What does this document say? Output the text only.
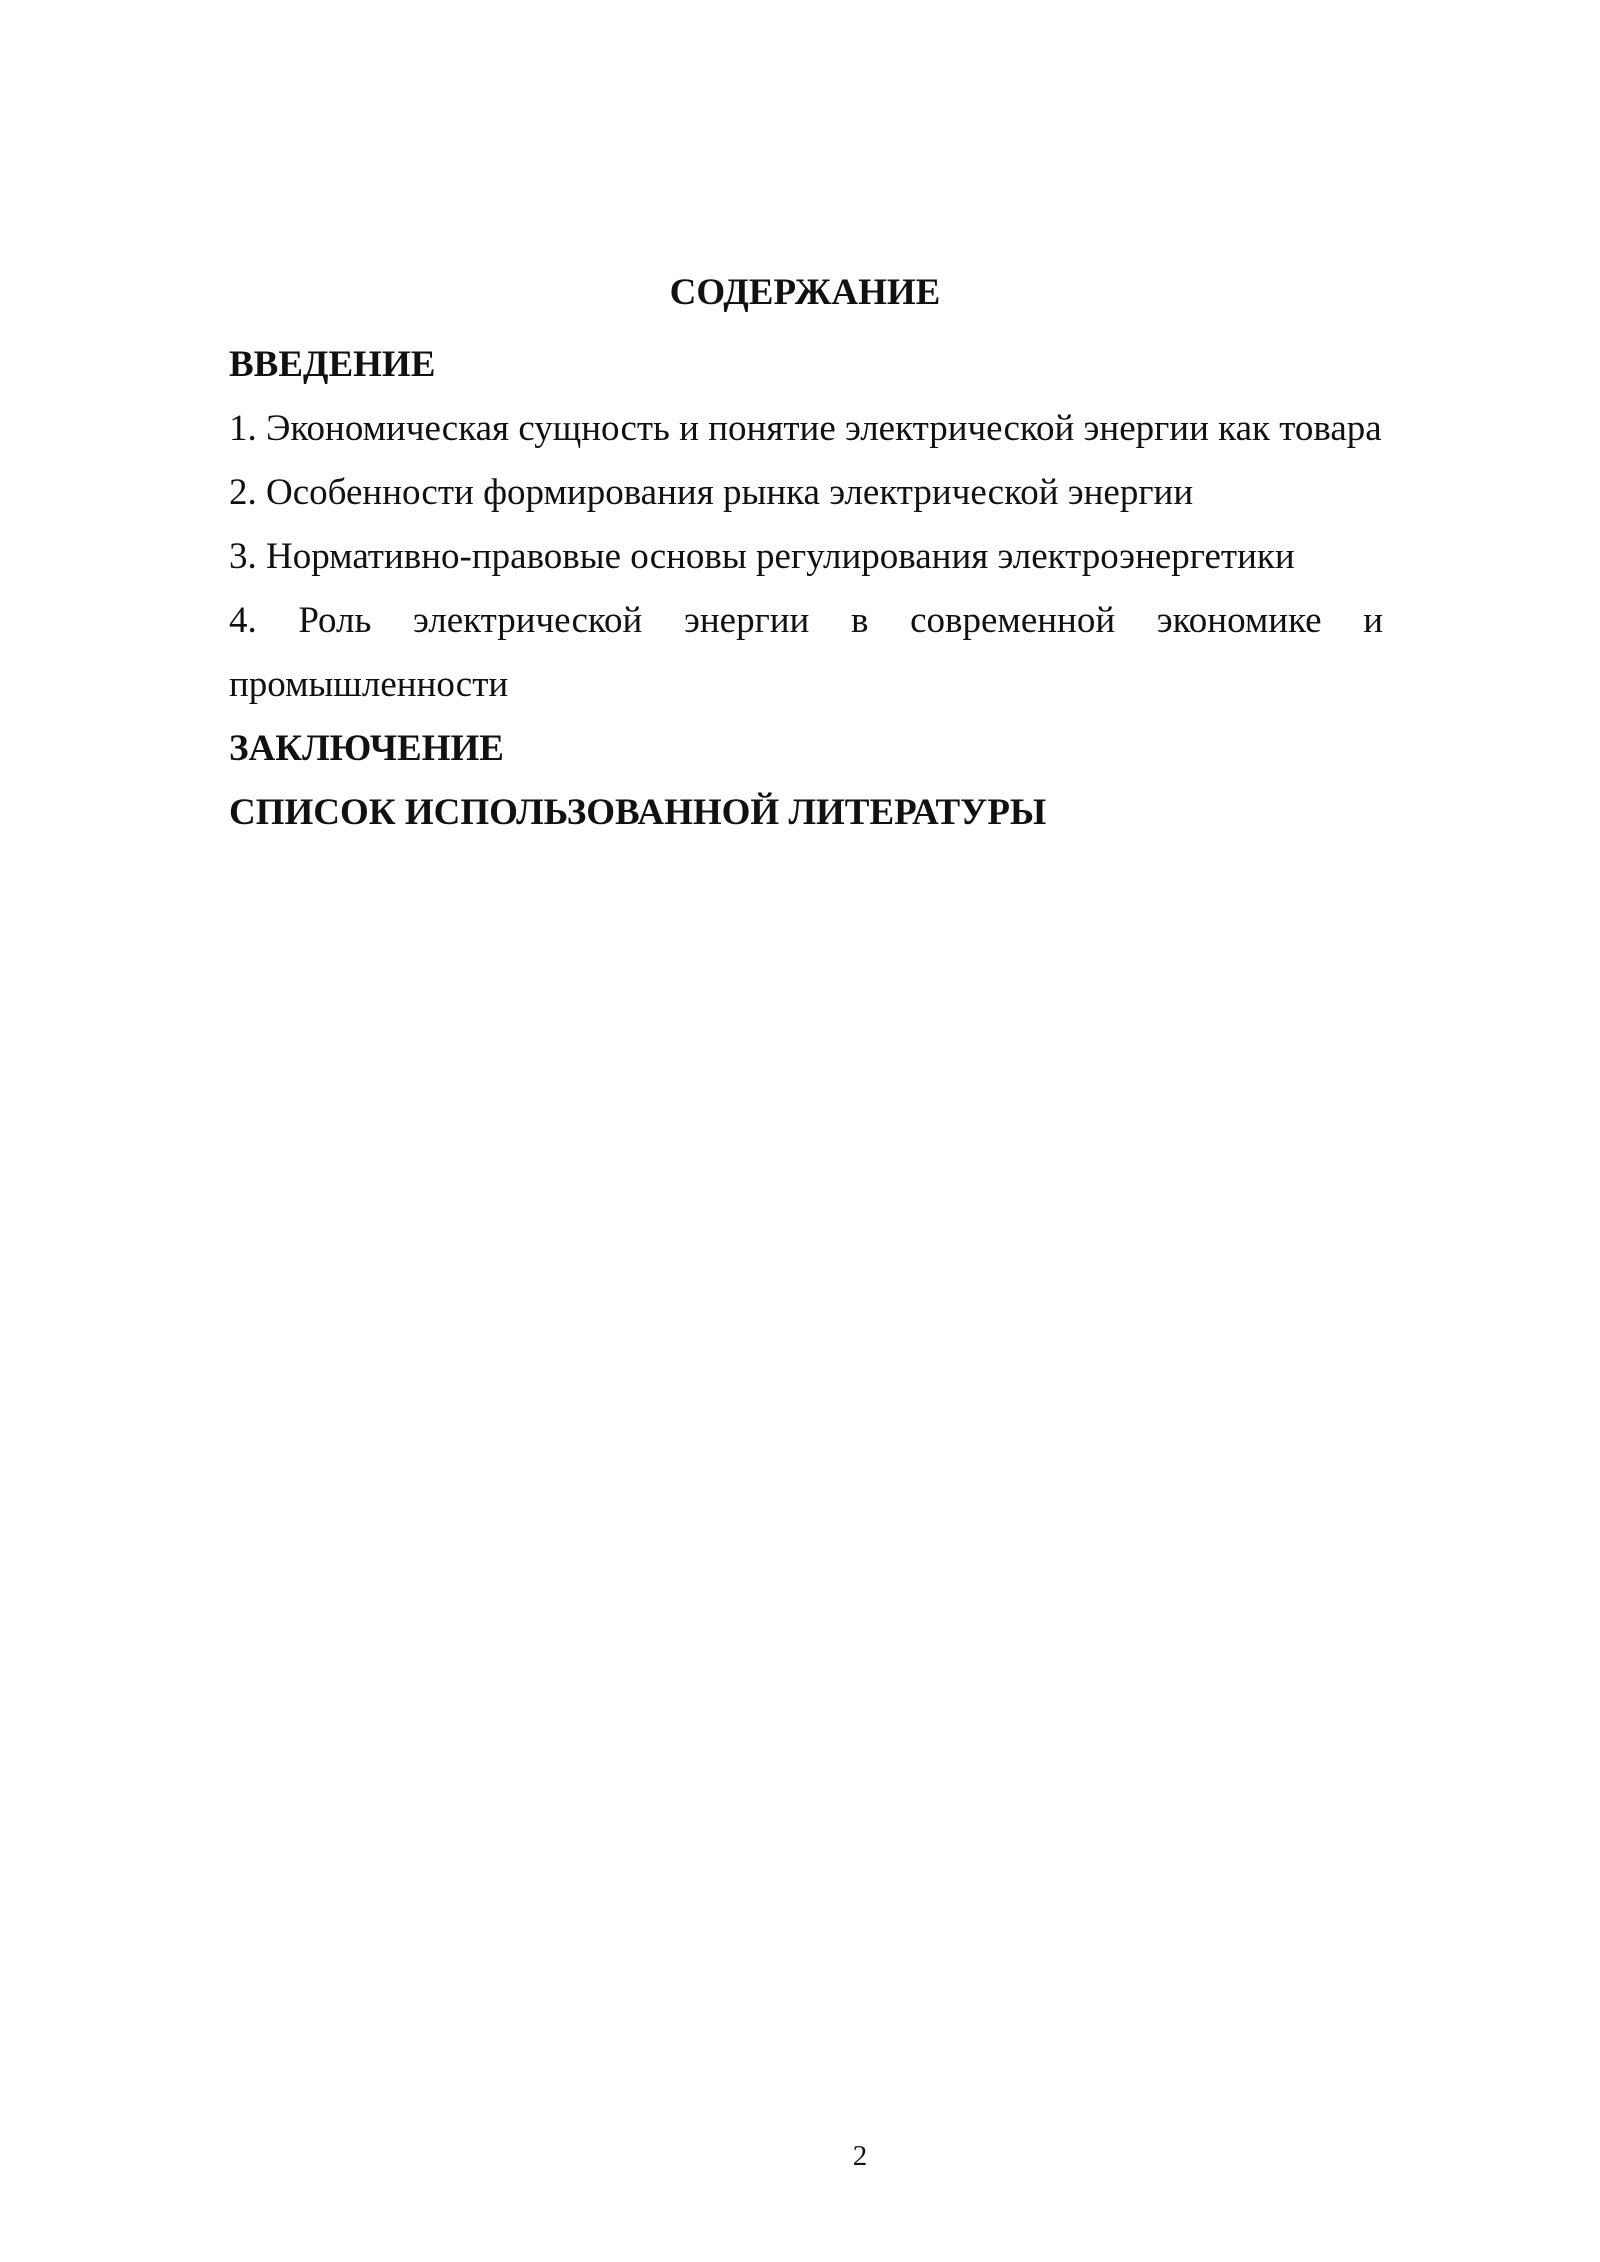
СОДЕРЖАНИЕ

ВВЕДЕНИЕ

1. Экономическая сущность и понятие электрической энергии как товара

2. Особенности формирования рынка электрической энергии

3. Нормативно-правовые основы регулирования электроэнергетики

4. Роль электрической энергии в современной экономике и промышленности

ЗАКЛЮЧЕНИЕ

СПИСОК ИСПОЛЬЗОВАННОЙ ЛИТЕРАТУРЫ

2
